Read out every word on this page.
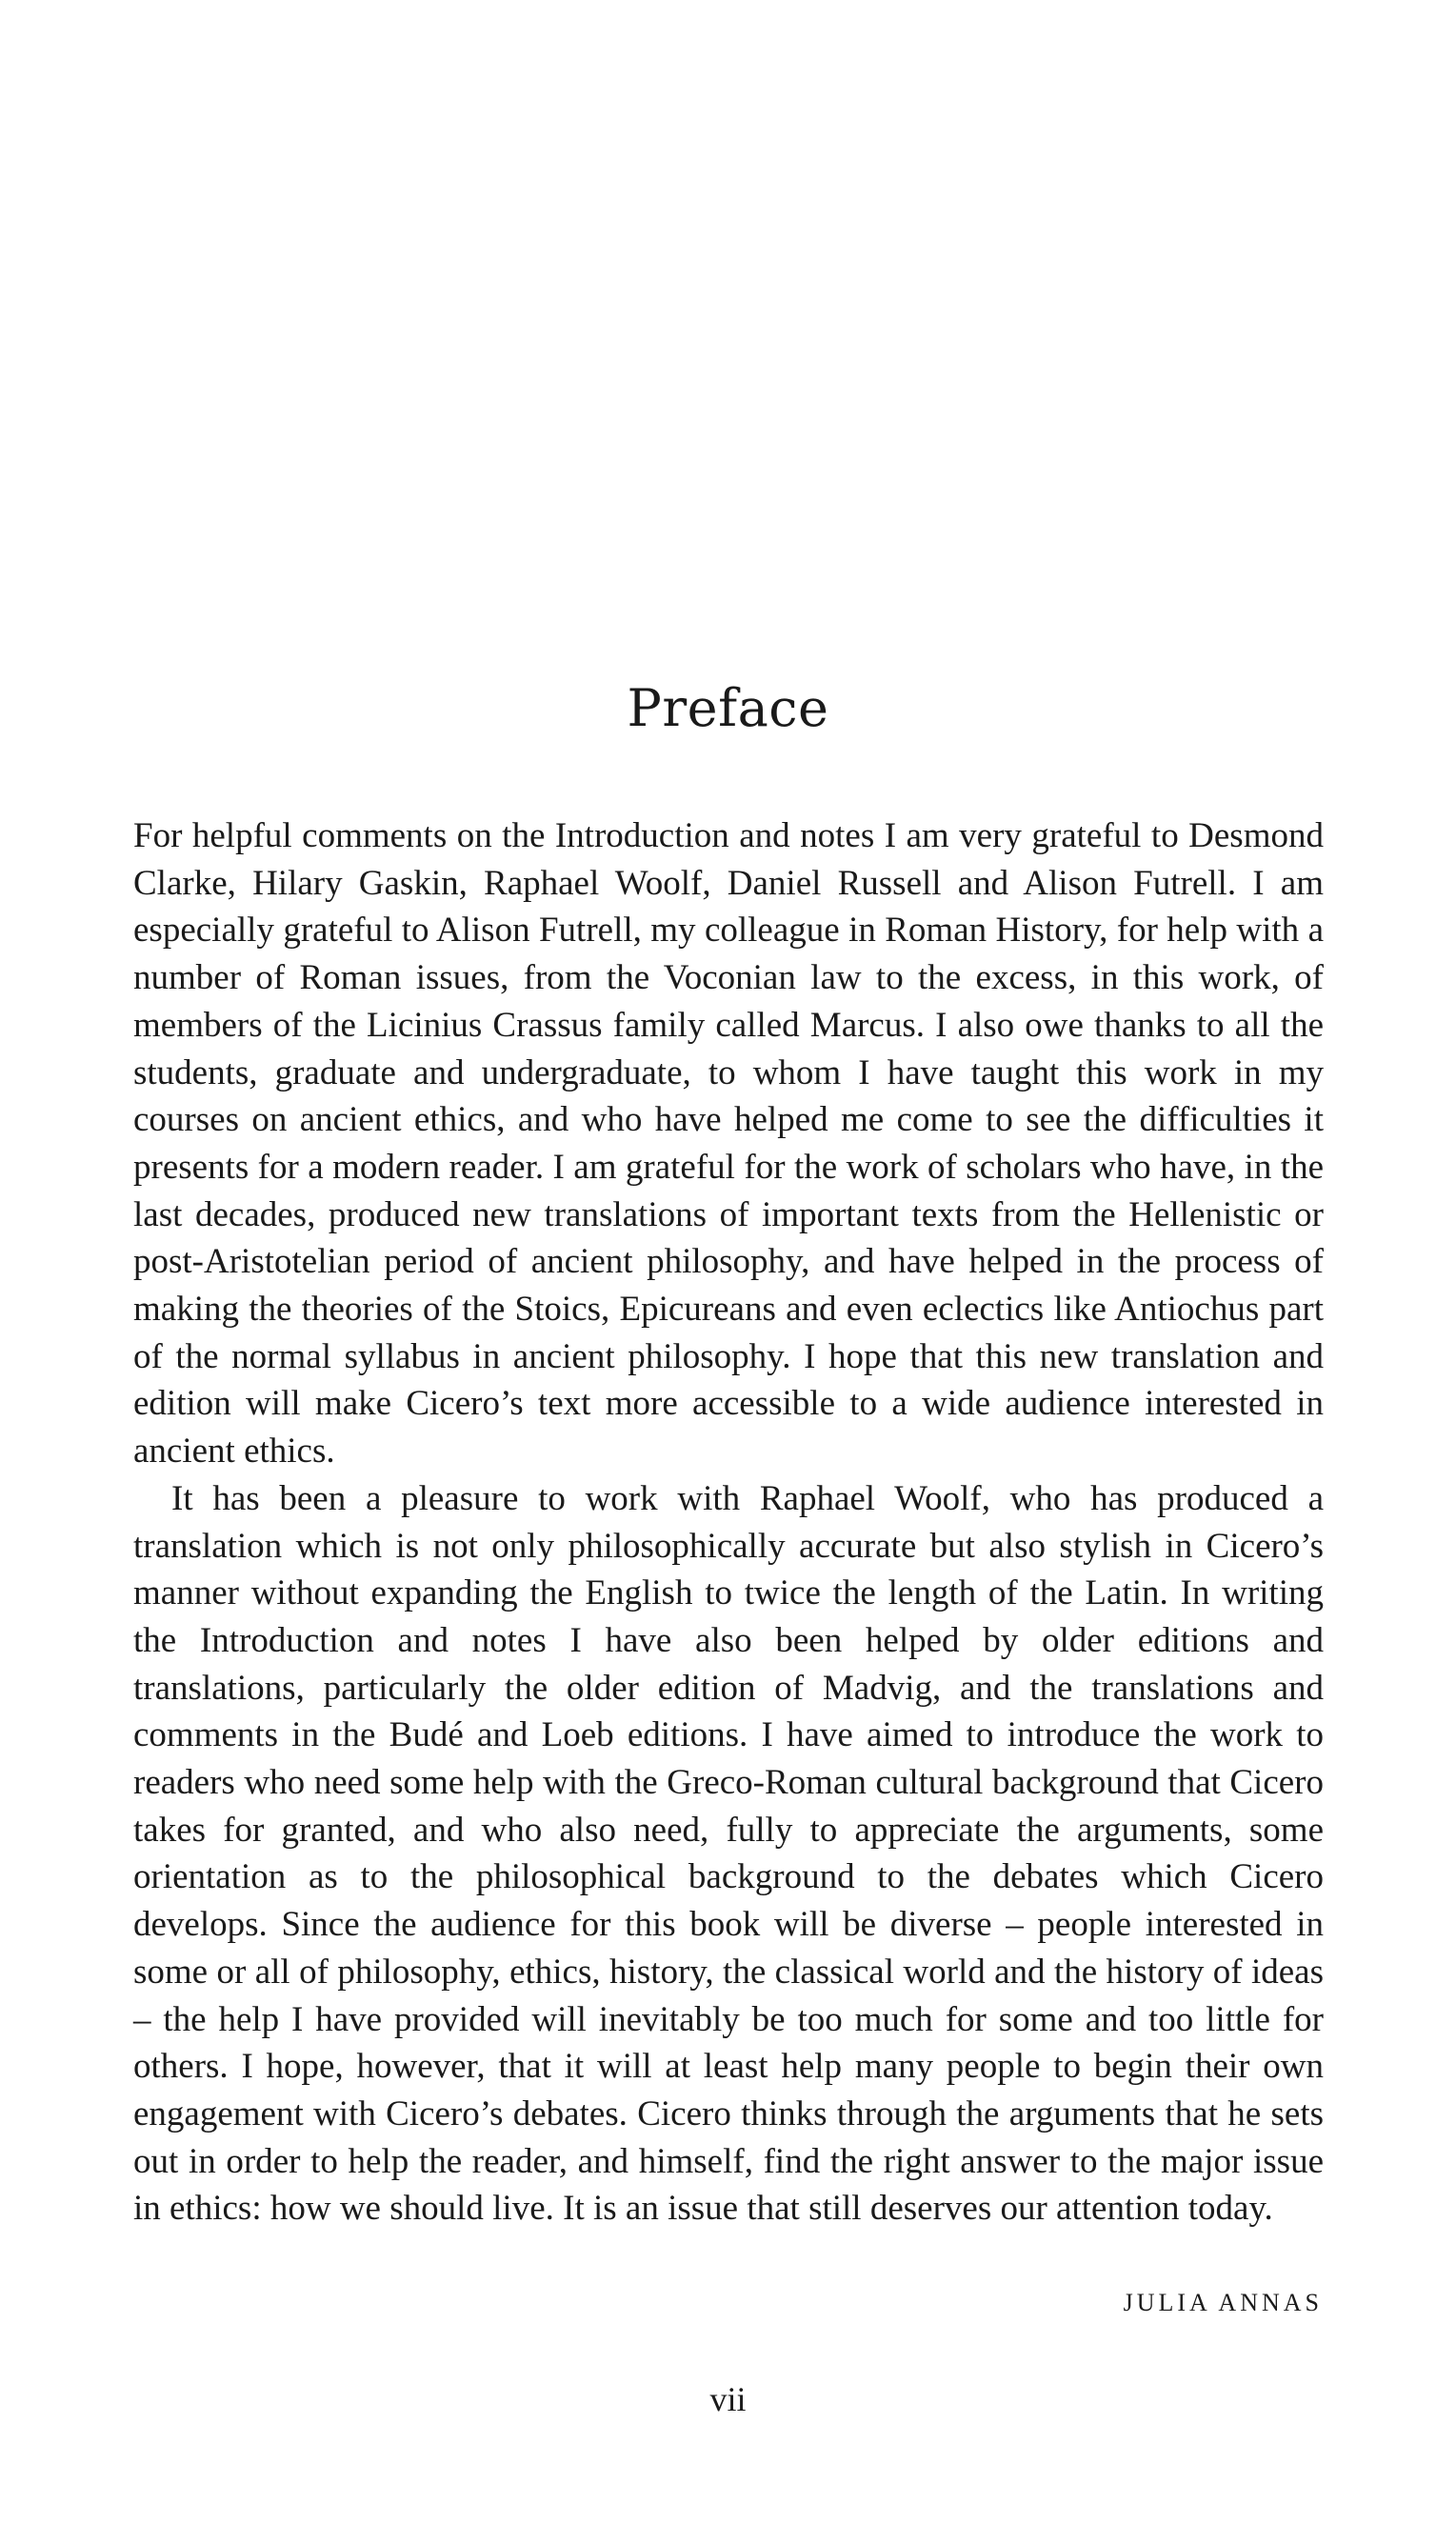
Preface

For helpful comments on the Introduction and notes I am very grateful to Desmond Clarke, Hilary Gaskin, Raphael Woolf, Daniel Russell and Alison Futrell. I am especially grateful to Alison Futrell, my colleague in Roman History, for help with a number of Roman issues, from the Voconian law to the excess, in this work, of members of the Licinius Crassus family called Marcus. I also owe thanks to all the students, graduate and undergraduate, to whom I have taught this work in my courses on ancient ethics, and who have helped me come to see the difficulties it presents for a modern reader. I am grateful for the work of scholars who have, in the last decades, produced new translations of important texts from the Hellenistic or post-Aristotelian period of ancient philosophy, and have helped in the process of making the theories of the Stoics, Epicureans and even eclectics like Antiochus part of the normal syllabus in ancient philosophy. I hope that this new translation and edition will make Cicero’s text more accessible to a wide audience interested in ancient ethics.

It has been a pleasure to work with Raphael Woolf, who has produced a translation which is not only philosophically accurate but also stylish in Cicero’s manner without expanding the English to twice the length of the Latin. In writing the Introduction and notes I have also been helped by older editions and translations, particularly the older edition of Madvig, and the translations and comments in the Budé and Loeb editions. I have aimed to introduce the work to readers who need some help with the Greco-Roman cultural background that Cicero takes for granted, and who also need, fully to appreciate the arguments, some orientation as to the philosophical background to the debates which Cicero develops. Since the audience for this book will be diverse – people interested in some or all of philosophy, ethics, history, the classical world and the history of ideas – the help I have provided will inevitably be too much for some and too little for others. I hope, however, that it will at least help many people to begin their own engagement with Cicero’s debates. Cicero thinks through the arguments that he sets out in order to help the reader, and himself, find the right answer to the major issue in ethics: how we should live. It is an issue that still deserves our attention today.

JULIA ANNAS
vii
